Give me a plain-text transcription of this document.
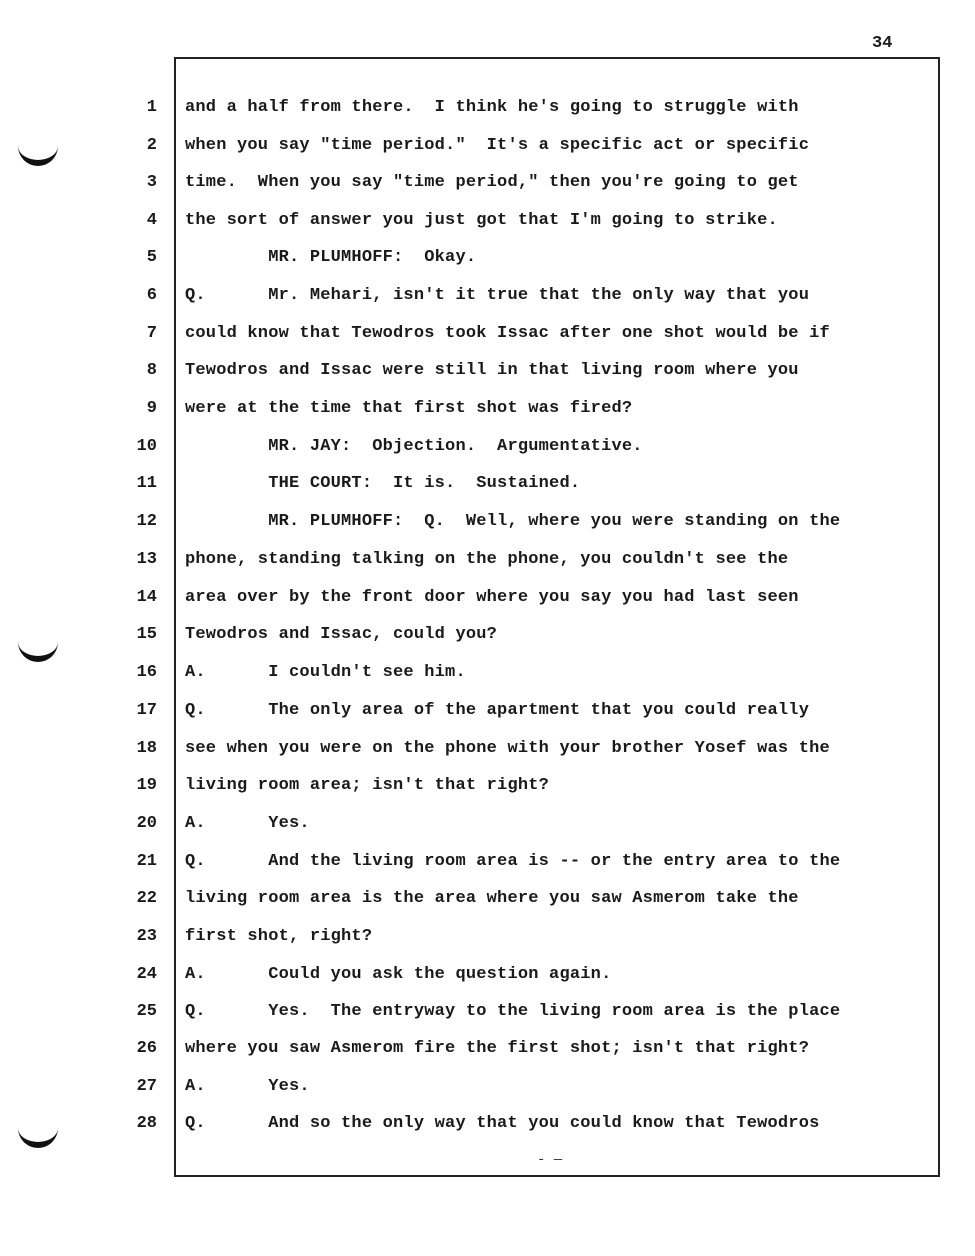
34
1 and a half from there.  I think he's going to struggle with
2 when you say "time period."  It's a specific act or specific
3 time.  When you say "time period," then you're going to get
4 the sort of answer you just got that I'm going to strike.
5 MR. PLUMHOFF:  Okay.
6 Q.      Mr. Mehari, isn't it true that the only way that you
7 could know that Tewodros took Issac after one shot would be if
8 Tewodros and Issac were still in that living room where you
9 were at the time that first shot was fired?
10 MR. JAY:  Objection.  Argumentative.
11 THE COURT:  It is.  Sustained.
12 MR. PLUMHOFF:  Q.  Well, where you were standing on the
13 phone, standing talking on the phone, you couldn't see the
14 area over by the front door where you say you had last seen
15 Tewodros and Issac, could you?
16 A.      I couldn't see him.
17 Q.      The only area of the apartment that you could really
18 see when you were on the phone with your brother Yosef was the
19 living room area; isn't that right?
20 A.      Yes.
21 Q.      And the living room area is -- or the entry area to the
22 living room area is the area where you saw Asmerom take the
23 first shot, right?
24 A.      Could you ask the question again.
25 Q.      Yes.  The entryway to the living room area is the place
26 where you saw Asmerom fire the first shot; isn't that right?
27 A.      Yes.
28 Q.      And so the only way that you could know that Tewodros
- —
